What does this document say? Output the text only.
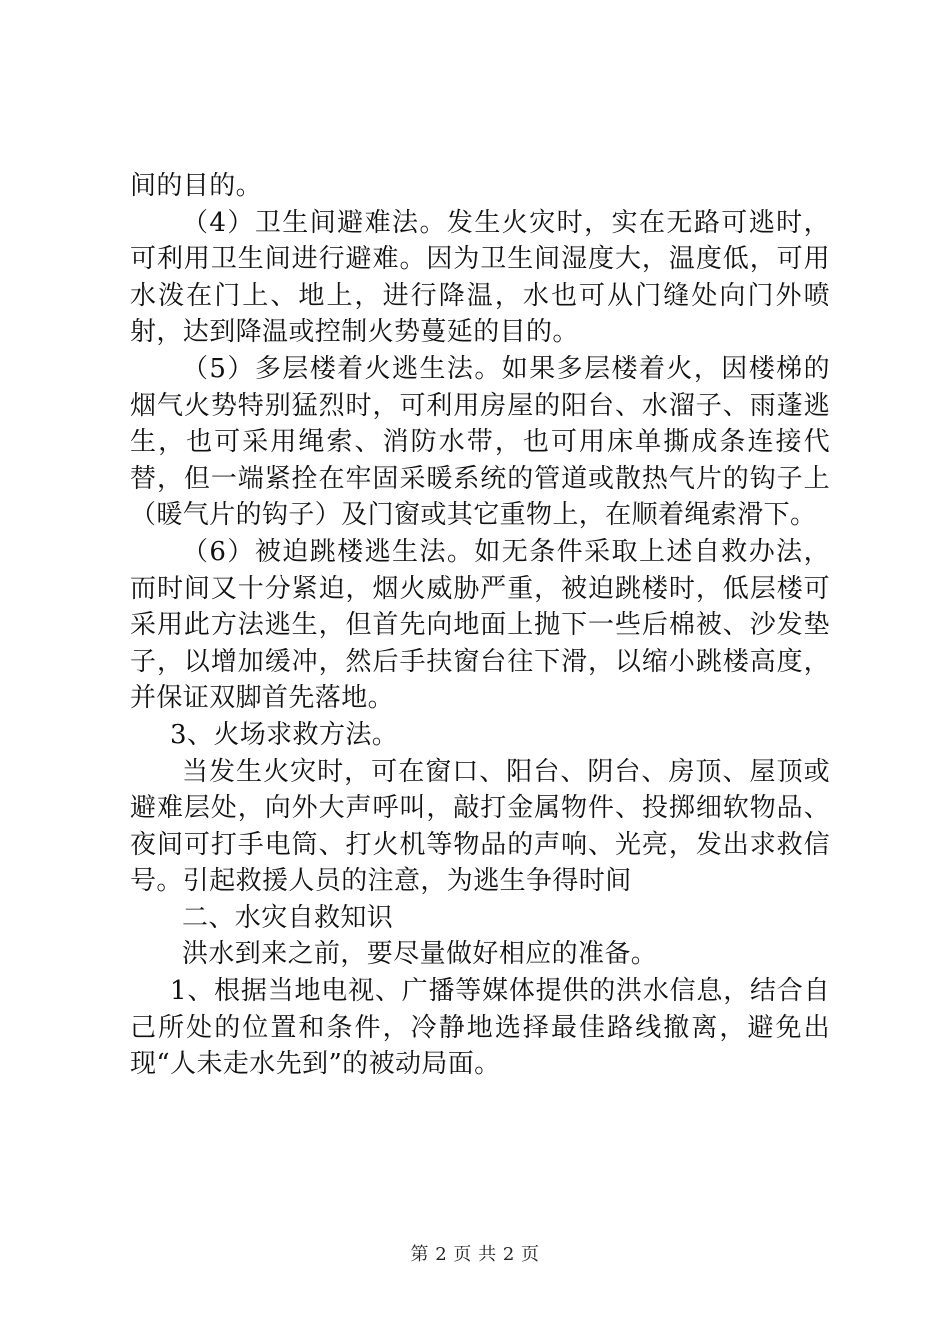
间的目的。

（4）卫生间避难法。发生火灾时，实在无路可逃时，可利用卫生间进行避难。因为卫生间湿度大，温度低，可用水泼在门上、地上，进行降温，水也可从门缝处向门外喷射，达到降温或控制火势蔓延的目的。

（5）多层楼着火逃生法。如果多层楼着火，因楼梯的烟气火势特别猛烈时，可利用房屋的阳台、水溜子、雨蓬逃生，也可采用绳索、消防水带，也可用床单撕成条连接代替，但一端紧拴在牢固采暖系统的管道或散热气片的钩子上（暖气片的钩子）及门窗或其它重物上，在顺着绳索滑下。

（6）被迫跳楼逃生法。如无条件采取上述自救办法，而时间又十分紧迫，烟火威胁严重，被迫跳楼时，低层楼可采用此方法逃生，但首先向地面上抛下一些后棉被、沙发垫子，以增加缓冲，然后手扶窗台往下滑，以缩小跳楼高度，并保证双脚首先落地。

3、火场求救方法。

当发生火灾时，可在窗口、阳台、阴台、房顶、屋顶或避难层处，向外大声呼叫，敲打金属物件、投掷细软物品、夜间可打手电筒、打火机等物品的声响、光亮，发出求救信号。引起救援人员的注意，为逃生争得时间

二、水灾自救知识

洪水到来之前，要尽量做好相应的准备。

1、根据当地电视、广播等媒体提供的洪水信息，结合自己所处的位置和条件，冷静地选择最佳路线撤离，避免出现“人未走水先到”的被动局面。

第 2 页 共 2 页
